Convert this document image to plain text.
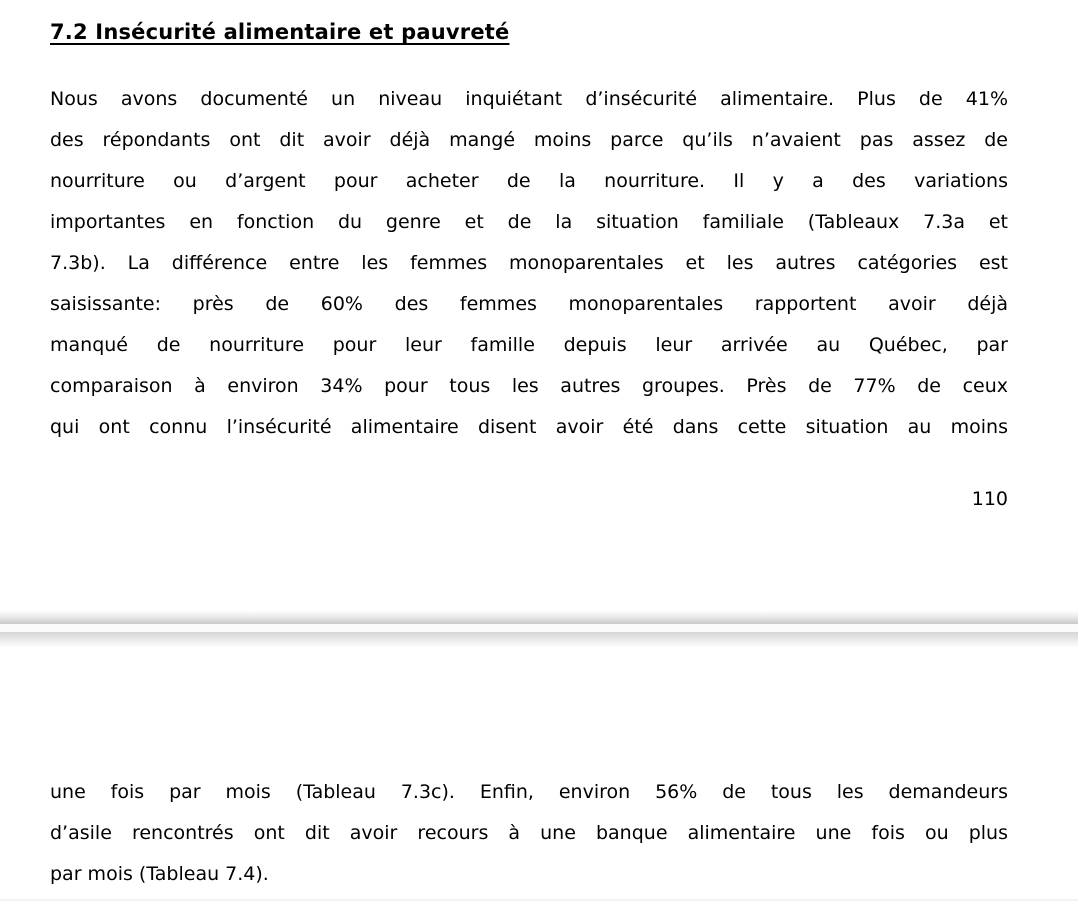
7.2 Insécurité alimentaire et pauvreté
Nous avons documenté un niveau inquiétant d’insécurité alimentaire. Plus de 41%
des répondants ont dit avoir déjà mangé moins parce qu’ils n’avaient pas assez de
nourriture ou d’argent pour acheter de la nourriture. Il y a des variations
importantes en fonction du genre et de la situation familiale (Tableaux 7.3a et
7.3b). La différence entre les femmes monoparentales et les autres catégories est
saisissante: près de 60% des femmes monoparentales rapportent avoir déjà
manqué de nourriture pour leur famille depuis leur arrivée au Québec, par
comparaison à environ 34% pour tous les autres groupes. Près de 77% de ceux
qui ont connu l’insécurité alimentaire disent avoir été dans cette situation au moins
110
une fois par mois (Tableau 7.3c). Enfin, environ 56% de tous les demandeurs
d’asile rencontrés ont dit avoir recours à une banque alimentaire une fois ou plus
par mois (Tableau 7.4).
